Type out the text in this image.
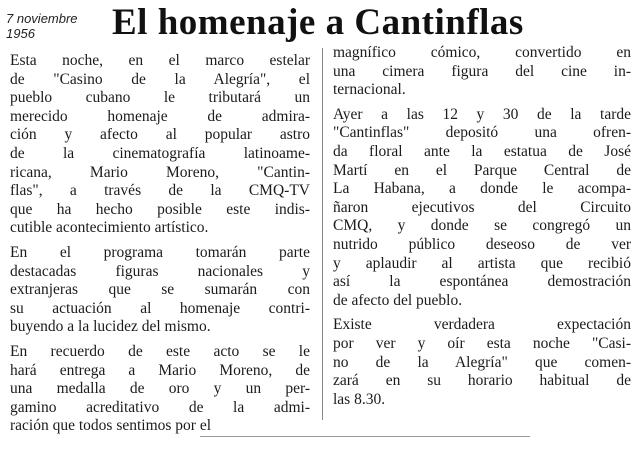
7 noviembre
1956	El homenaje a Cantinflas
Esta noche, en el marco estelar
de "Casino de la Alegría", el
pueblo cubano le tributará un
merecido homenaje de admira-
ción y afecto al popular astro
de la cinematografía latinoame-
ricana, Mario Moreno, "Cantin-
flas", a través de la CMQ-TV
que ha hecho posible este indis-
cutible acontecimiento artístico.
En el programa tomarán parte
destacadas figuras nacionales y
extranjeras que se sumarán con
su actuación al homenaje contri-
buyendo a la lucidez del mismo.
En recuerdo de este acto se le
hará entrega a Mario Moreno, de
una medalla de oro y un per-
gamino acreditativo de la admi-
ración que todos sentimos por el
magnífico cómico, convertido en
una cimera figura del cine in-
ternacional.
Ayer a las 12 y 30 de la tarde
"Cantinflas" depositó una ofren-
da floral ante la estatua de José
Martí en el Parque Central de
La Habana, a donde le acompa-
ñaron ejecutivos del Circuito
CMQ, y donde se congregó un
nutrido público deseoso de ver
y aplaudir al artista que recibió
así la espontánea demostración
de afecto del pueblo.
Existe verdadera expectación
por ver y oír esta noche "Casi-
no de la Alegría" que comen-
zará en su horario habitual de
las 8.30.
